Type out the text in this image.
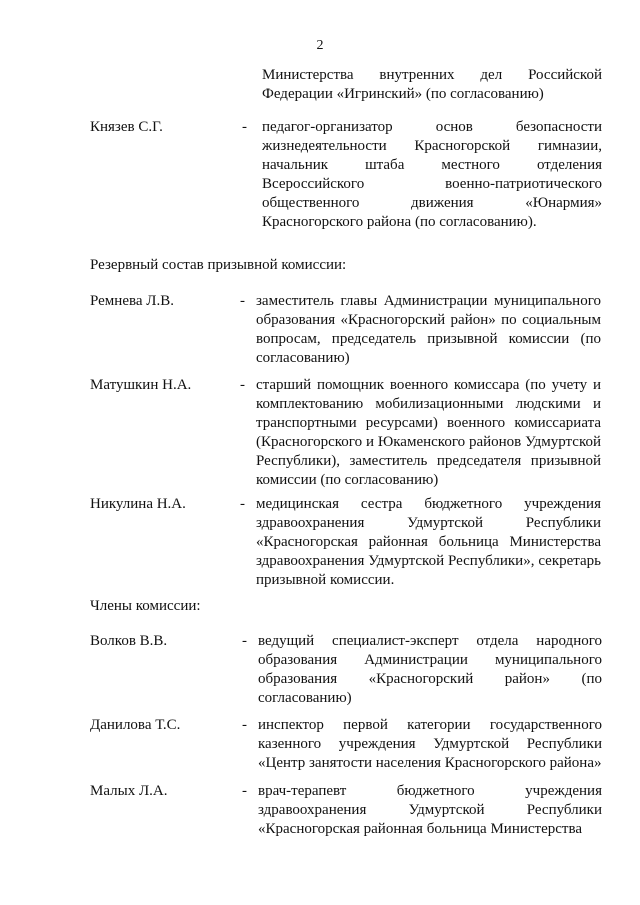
2
Министерства внутренних дел Российской Федерации «Игринский» (по согласованию)
Князев С.Г.	- педагог-организатор основ безопасности жизнедеятельности Красногорской гимназии, начальник штаба местного отделения Всероссийского военно-патриотического общественного движения «Юнармия» Красногорского района (по согласованию).
Резервный состав призывной комиссии:
Ремнева Л.В.	- заместитель главы Администрации муниципального образования «Красногорский район» по социальным вопросам, председатель призывной комиссии (по согласованию)
Матушкин Н.А.	- старший помощник военного комиссара (по учету и комплектованию мобилизационными людскими и транспортными ресурсами) военного комиссариата (Красногорского и Юкаменского районов Удмуртской Республики), заместитель председателя призывной комиссии (по согласованию)
Никулина Н.А.	- медицинская сестра бюджетного учреждения здравоохранения Удмуртской Республики «Красногорская районная больница Министерства здравоохранения Удмуртской Республики», секретарь призывной комиссии.
Члены комиссии:
Волков В.В.	- ведущий специалист-эксперт отдела народного образования Администрации муниципального образования «Красногорский район» (по согласованию)
Данилова Т.С.	- инспектор первой категории государственного казенного учреждения Удмуртской Республики «Центр занятости населения Красногорского района»
Малых Л.А.	- врач-терапевт бюджетного учреждения здравоохранения Удмуртской Республики «Красногорская районная больница Министерства
